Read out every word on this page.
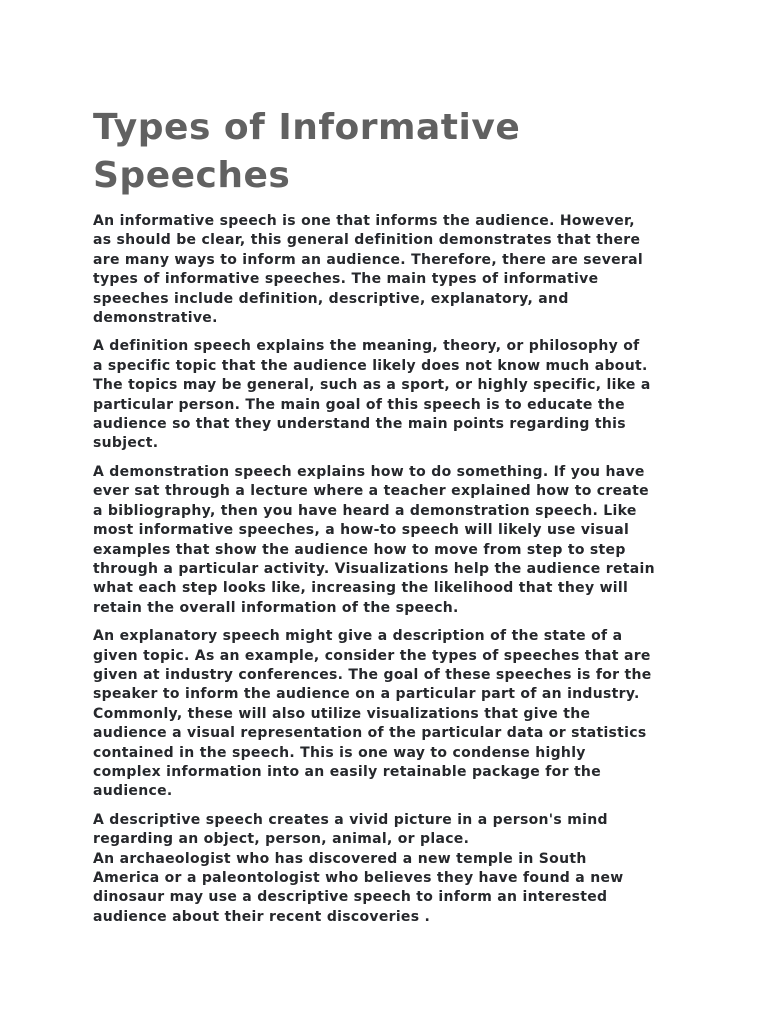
Types of Informative
Speeches

An informative speech is one that informs the audience. However,
as should be clear, this general definition demonstrates that there
are many ways to inform an audience. Therefore, there are several
types of informative speeches. The main types of informative
speeches include definition, descriptive, explanatory, and
demonstrative.

A definition speech explains the meaning, theory, or philosophy of
a specific topic that the audience likely does not know much about.
The topics may be general, such as a sport, or highly specific, like a
particular person. The main goal of this speech is to educate the
audience so that they understand the main points regarding this
subject.

A demonstration speech explains how to do something. If you have
ever sat through a lecture where a teacher explained how to create
a bibliography, then you have heard a demonstration speech. Like
most informative speeches, a how-to speech will likely use visual
examples that show the audience how to move from step to step
through a particular activity. Visualizations help the audience retain
what each step looks like, increasing the likelihood that they will
retain the overall information of the speech.

An explanatory speech might give a description of the state of a
given topic. As an example, consider the types of speeches that are
given at industry conferences. The goal of these speeches is for the
speaker to inform the audience on a particular part of an industry.
Commonly, these will also utilize visualizations that give the
audience a visual representation of the particular data or statistics
contained in the speech. This is one way to condense highly
complex information into an easily retainable package for the
audience.

A descriptive speech creates a vivid picture in a person's mind
regarding an object, person, animal, or place.
An archaeologist who has discovered a new temple in South
America or a paleontologist who believes they have found a new
dinosaur may use a descriptive speech to inform an interested
audience about their recent discoveries .
